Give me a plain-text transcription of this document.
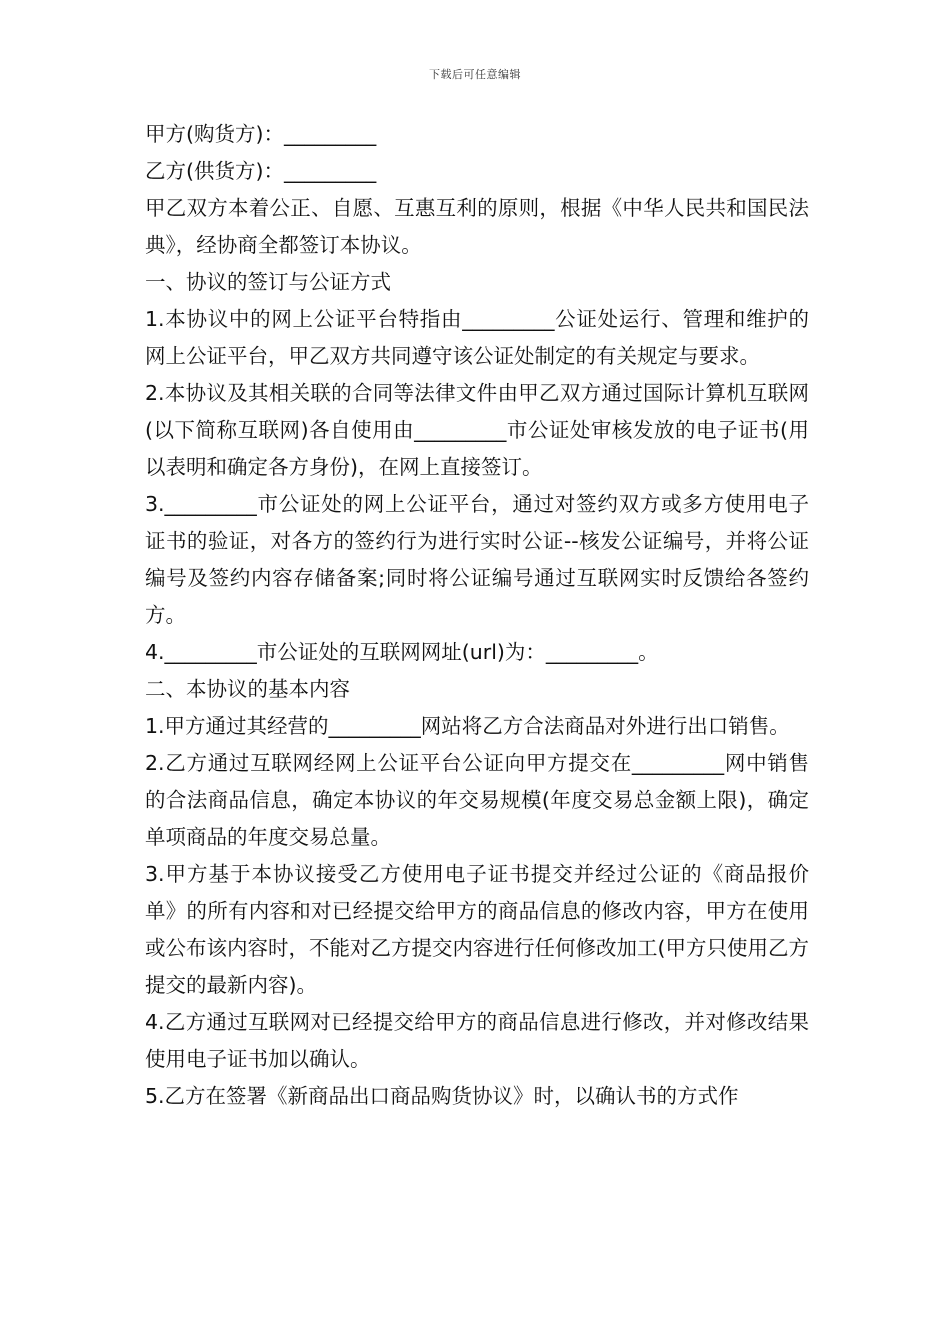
下载后可任意编辑

甲方(购货方)：_________

乙方(供货方)：_________

甲乙双方本着公正、自愿、互惠互利的原则，根据《中华人民共和国民法典》，经协商全都签订本协议。

一、协议的签订与公证方式

1.本协议中的网上公证平台特指由_________公证处运行、管理和维护的网上公证平台，甲乙双方共同遵守该公证处制定的有关规定与要求。

2.本协议及其相关联的合同等法律文件由甲乙双方通过国际计算机互联网(以下简称互联网)各自使用由_________市公证处审核发放的电子证书(用以表明和确定各方身份)，在网上直接签订。

3._________市公证处的网上公证平台，通过对签约双方或多方使用电子证书的验证，对各方的签约行为进行实时公证--核发公证编号，并将公证编号及签约内容存储备案;同时将公证编号通过互联网实时反馈给各签约方。

4._________市公证处的互联网网址(url)为：_________。

二、本协议的基本内容

1.甲方通过其经营的_________网站将乙方合法商品对外进行出口销售。

2.乙方通过互联网经网上公证平台公证向甲方提交在_________网中销售的合法商品信息，确定本协议的年交易规模(年度交易总金额上限)，确定单项商品的年度交易总量。

3.甲方基于本协议接受乙方使用电子证书提交并经过公证的《商品报价单》的所有内容和对已经提交给甲方的商品信息的修改内容，甲方在使用或公布该内容时，不能对乙方提交内容进行任何修改加工(甲方只使用乙方提交的最新内容)。

4.乙方通过互联网对已经提交给甲方的商品信息进行修改，并对修改结果使用电子证书加以确认。

5.乙方在签署《新商品出口商品购货协议》时，以确认书的方式作
